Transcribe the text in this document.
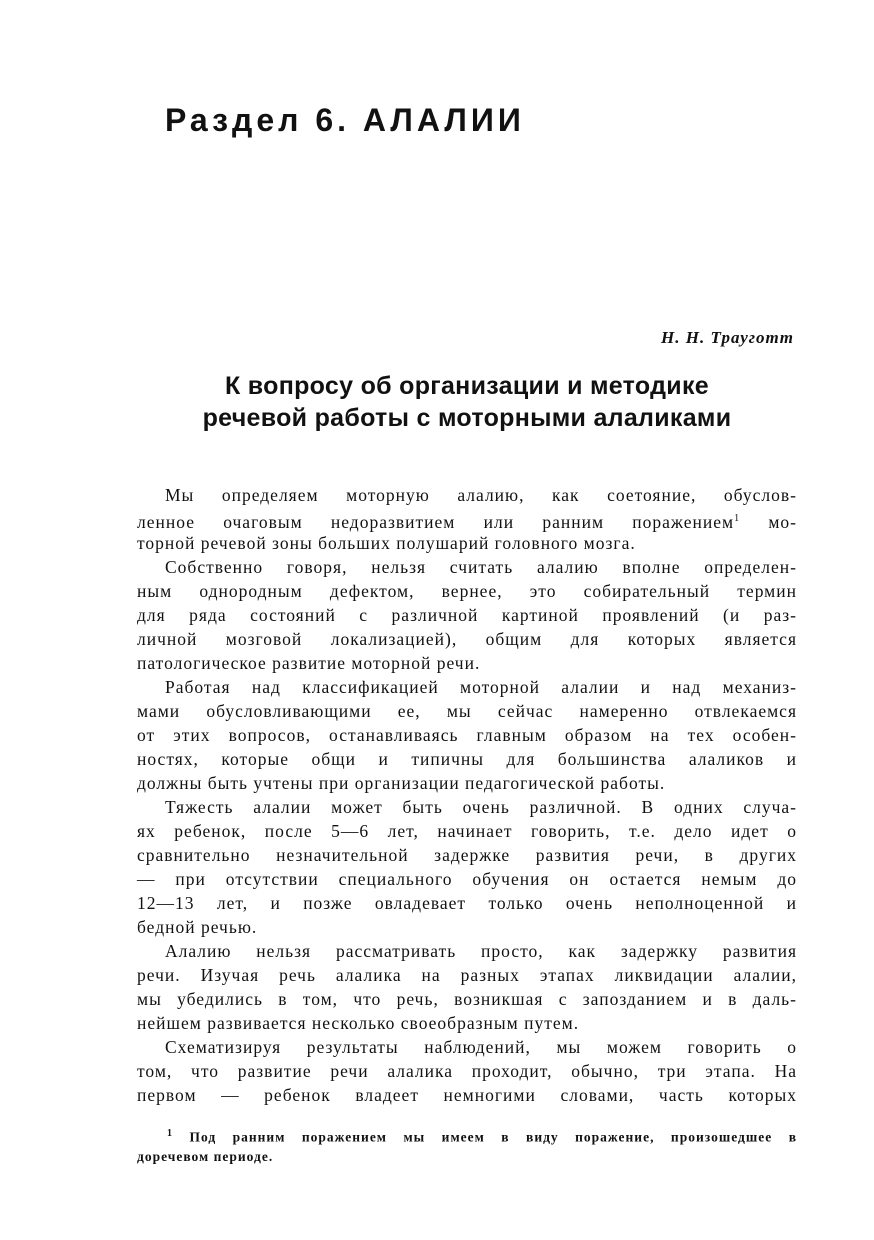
Раздел 6. АЛАЛИИ
Н. Н. Трауготт
К вопросу об организации и методике
речевой работы с моторными алаликами
Мы определяем моторную алалию, как соетояние, обуслов-
ленное очаговым недоразвитием или ранним поражением$^1$ мо-
торной речевой зоны больших полушарий головного мозга.
Собственно говоря, нельзя считать алалию вполне определен-
ным однородным дефектом, вернее, это собирательный термин
для ряда состояний с различной картиной проявлений (и раз-
личной мозговой локализацией), общим для которых является
патологическое развитие моторной речи.
Работая над классификацией моторной алалии и над механиз-
мами обусловливающими ее, мы сейчас намеренно отвлекаемся
от этих вопросов, останавливаясь главным образом на тех особен-
ностях, которые общи и типичны для большинства алаликов и
должны быть учтены при организации педагогической работы.
Тяжесть алалии может быть очень различной. В одних случа-
ях ребенок, после 5—6 лет, начинает говорить, т.е. дело идет о
сравнительно незначительной задержке развития речи, в других
— при отсутствии специального обучения он остается немым до
12—13 лет, и позже овладевает только очень неполноценной и
бедной речью.
Алалию нельзя рассматривать просто, как задержку развития
речи. Изучая речь алалика на разных этапах ликвидации алалии,
мы убедились в том, что речь, возникшая с запозданием и в даль-
нейшем развивается несколько своеобразным путем.
Схематизируя результаты наблюдений, мы можем говорить о
том, что развитие речи алалика проходит, обычно, три этапа. На
первом — ребенок владеет немногими словами, часть которых
$^1$ Под ранним поражением мы имеем в виду поражение, произошедшее в
доречевом периоде.
